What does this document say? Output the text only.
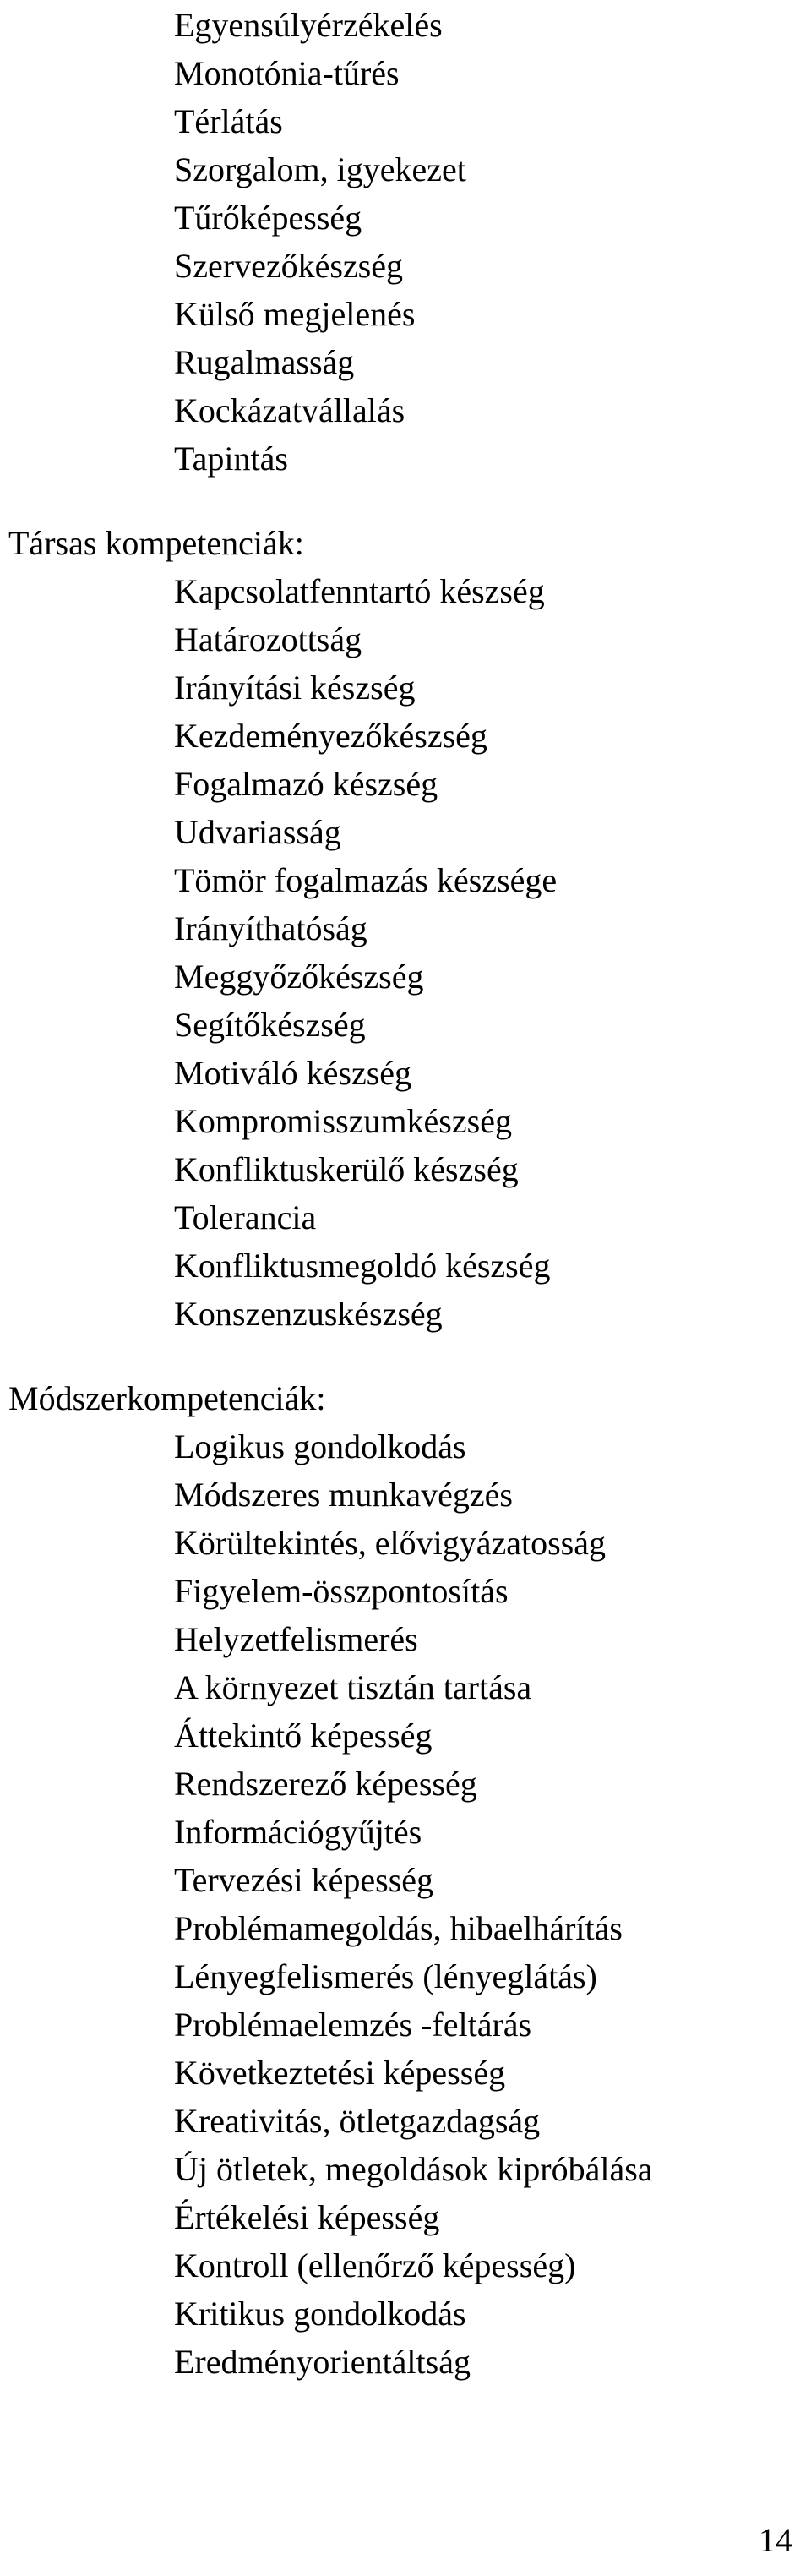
Egyensúlyérzékelés
Monotónia-tűrés
Térlátás
Szorgalom, igyekezet
Tűrőképesség
Szervezőkészség
Külső megjelenés
Rugalmasság
Kockázatvállalás
Tapintás
Társas kompetenciák:
Kapcsolatfenntartó készség
Határozottság
Irányítási készség
Kezdeményezőkészség
Fogalmazó készség
Udvariasság
Tömör fogalmazás készsége
Irányíthatóság
Meggyőzőkészség
Segítőkészség
Motiváló készség
Kompromisszumkészség
Konfliktuskerülő készség
Tolerancia
Konfliktusmegoldó készség
Konszenzuskészség
Módszerkompetenciák:
Logikus gondolkodás
Módszeres munkavégzés
Körültekintés, elővigyázatosság
Figyelem-összpontosítás
Helyzetfelismerés
A környezet tisztán tartása
Áttekintő képesség
Rendszerező képesség
Információgyűjtés
Tervezési képesség
Problémamegoldás, hibaelhárítás
Lényegfelismerés (lényeglátás)
Problémaelemzés -feltárás
Következtetési képesség
Kreativitás, ötletgazdagság
Új ötletek, megoldások kipróbálása
Értékelési képesség
Kontroll (ellenőrző képesség)
Kritikus gondolkodás
Eredményorientáltság
14
